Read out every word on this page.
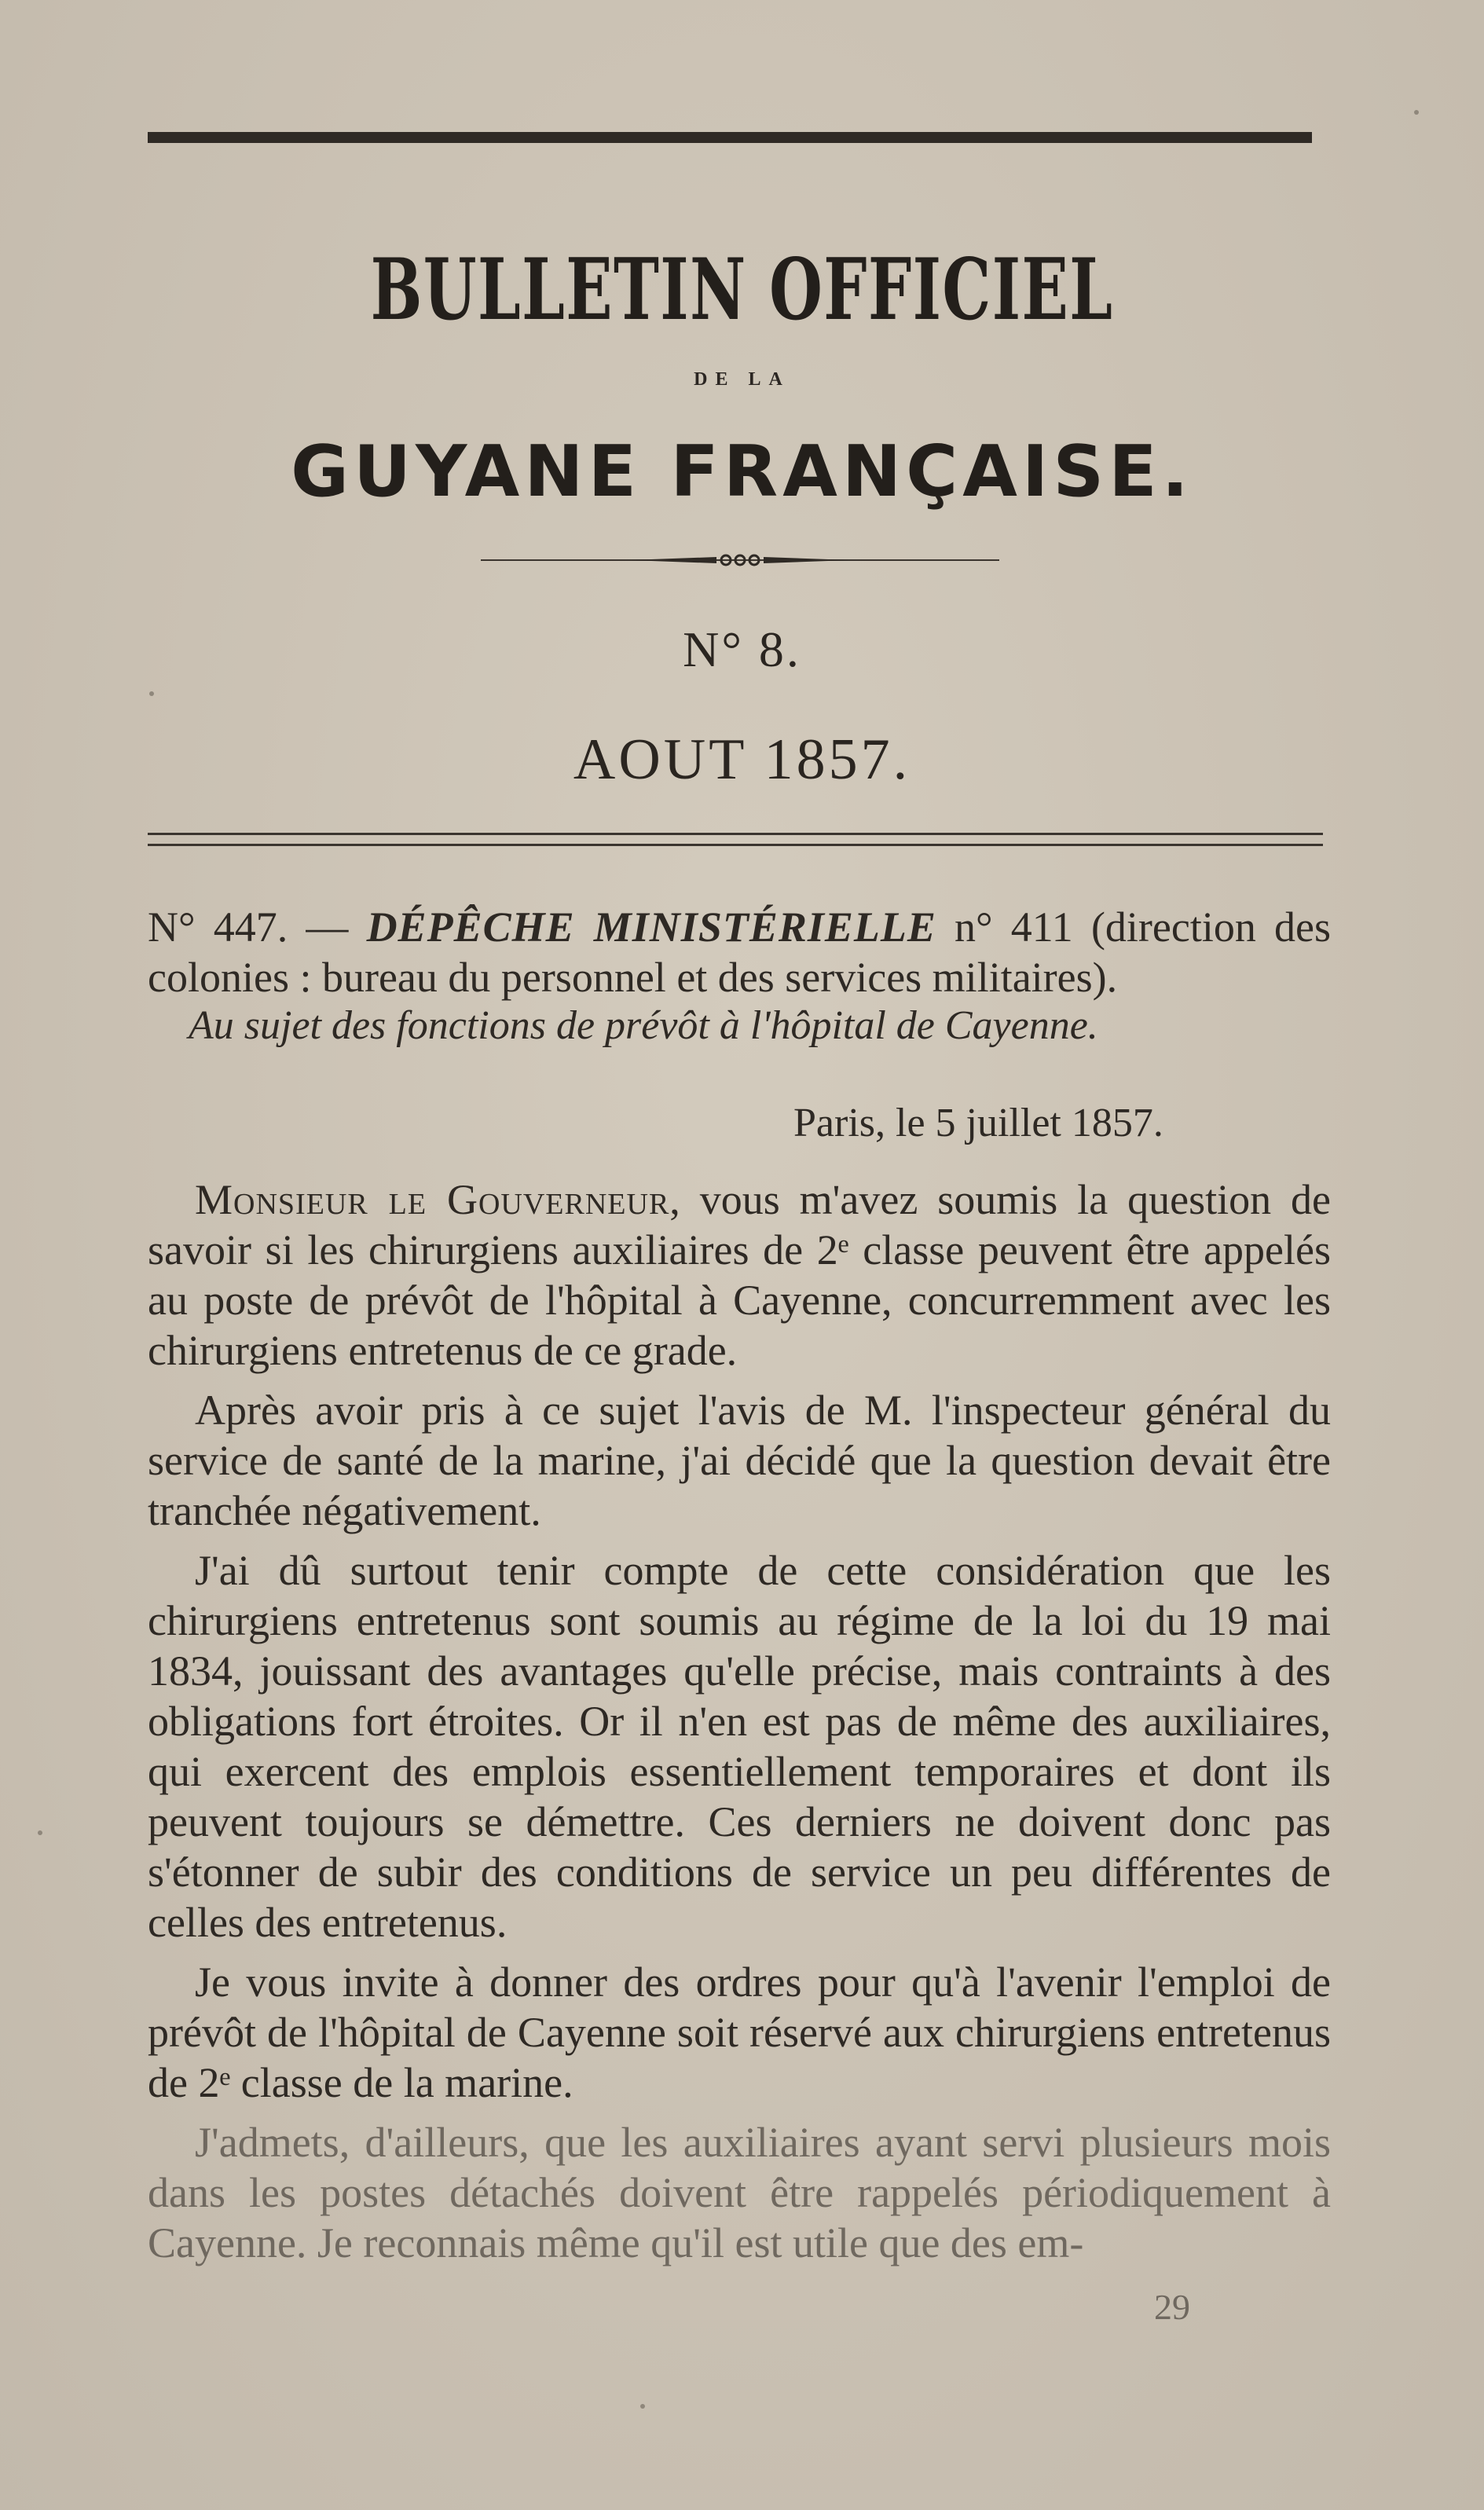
BULLETIN OFFICIEL
DE LA
GUYANE FRANÇAISE.
N° 8.
AOUT 1857.
N° 447. — DÉPÊCHE MINISTÉRIELLE n° 411 (direction des colonies : bureau du personnel et des services militaires).
Au sujet des fonctions de prévôt à l'hôpital de Cayenne.
Paris, le 5 juillet 1857.

Monsieur le Gouverneur, vous m'avez soumis la question de savoir si les chirurgiens auxiliaires de 2ᵉ classe peuvent être appelés au poste de prévôt de l'hôpital à Cayenne, concurremment avec les chirurgiens entretenus de ce grade.

Après avoir pris à ce sujet l'avis de M. l'inspecteur général du service de santé de la marine, j'ai décidé que la question devait être tranchée négativement.

J'ai dû surtout tenir compte de cette considération que les chirurgiens entretenus sont soumis au régime de la loi du 19 mai 1834, jouissant des avantages qu'elle précise, mais contraints à des obligations fort étroites. Or il n'en est pas de même des auxiliaires, qui exercent des emplois essentiellement temporaires et dont ils peuvent toujours se démettre. Ces derniers ne doivent donc pas s'étonner de subir des conditions de service un peu différentes de celles des entretenus.

Je vous invite à donner des ordres pour qu'à l'avenir l'emploi de prévôt de l'hôpital de Cayenne soit réservé aux chirurgiens entretenus de 2ᵉ classe de la marine.

J'admets, d'ailleurs, que les auxiliaires ayant servi plusieurs mois dans les postes détachés doivent être rappelés périodiquement à Cayenne. Je reconnais même qu'il est utile que des em-

29
